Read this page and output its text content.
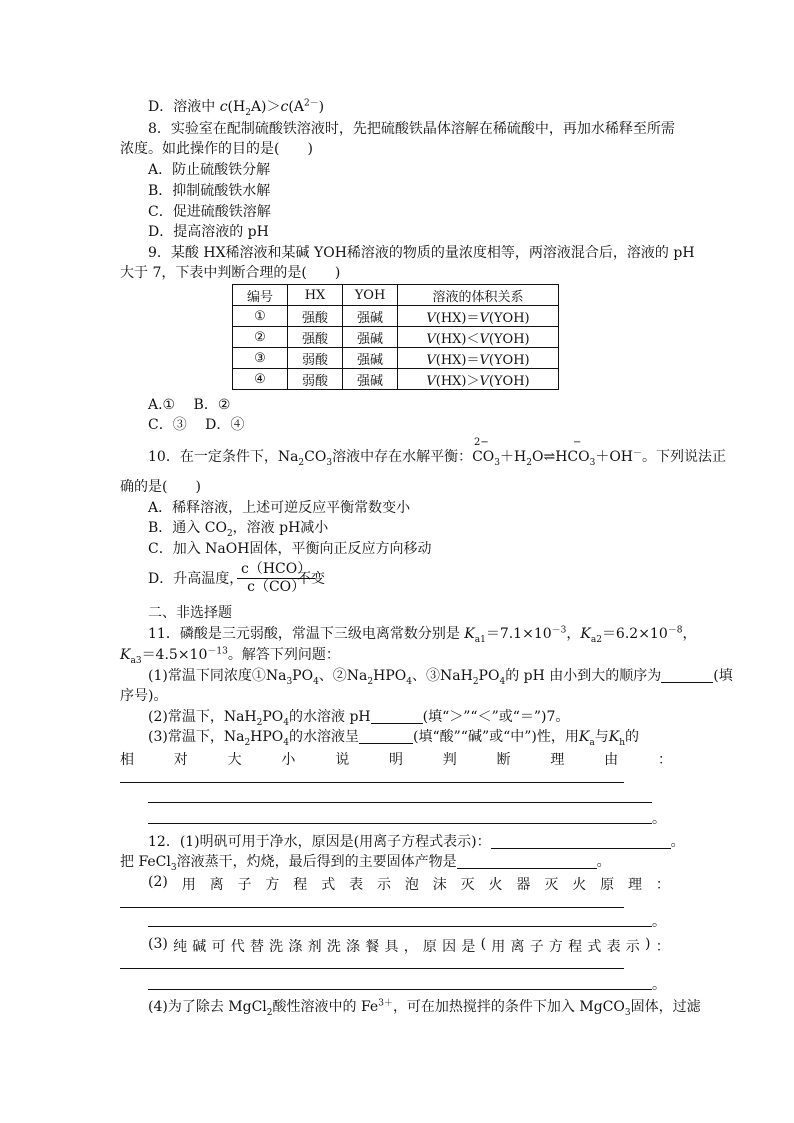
D．溶液中 $c(H_2A)>c(A^{2-})$
8．实验室在配制硫酸铁溶液时，先把硫酸铁晶体溶解在稀硫酸中，再加水稀释至所需
浓度。如此操作的目的是(　　)
A．防止硫酸铁分解
B．抑制硫酸铁水解
C．促进硫酸铁溶解
D．提高溶液的 pH
9．某酸 HX稀溶液和某碱 YOH稀溶液的物质的量浓度相等，两溶液混合后，溶液的 pH
大于 7，下表中判断合理的是(　　)
编号	HX	YOH	溶液的体积关系
①	强酸	强碱	V(HX)＝V(YOH)
②	强酸	强碱	V(HX)＜V(YOH)
③	弱酸	强碱	V(HX)＝V(YOH)
④	弱酸	强碱	V(HX)＞V(YOH)
A.①　 B．②
C．③　 D．④
2−	−
10．在一定条件下，$Na_2CO_3$溶液中存在水解平衡：$CO_3+H_2O\rightleftharpoons HCO_3+OH^-$。下列说法正
确的是(　　)
A．稀释溶液，上述可逆反应平衡常数变小
B．通入 $CO_2$，溶液 pH减小
C．加入 NaOH固体，平衡向正反应方向移动
D．升高温度，
c（HCO）
c（CO）
不变
二、非选择题
11．磷酸是三元弱酸，常温下三级电离常数分别是 $K_{a1}=7.1\times 10^{-3}$，$K_{a2}=6.2\times 10^{-8}$，
$K_{a3}=4.5\times 10^{-13}$。解答下列问题：
(1)常温下同浓度$①Na_3PO_4$、$②Na_2HPO_4$、$③NaH_2PO_4$的 pH 由小到大的顺序为	(填
序号)。
(2)常温下，$NaH_2PO_4$的水溶液 pH	(填“＞”“＜”或“＝”)7。
(3)常温下，$Na_2HPO_4$的水溶液呈	(填“酸”“碱”或“中”)性，用$K_a$与$K_h$的
相	对	大	小	说	明	判	断	理	由	：
。
12．(1)明矾可用于净水，原因是(用离子方程式表示)：	。
把 FeCl$_3$溶液蒸干，灼烧，最后得到的主要固体产物是	。
(2) 用 离 子 方 程 式 表 示 泡 沫 灭 火 器 灭 火 原 理 ：
。
(3) 纯 碱 可 代 替 洗 涤 剂 洗 涤 餐 具 ， 原 因 是 ( 用 离 子 方 程 式 表 示 ) ：
。
(4)为了除去 MgCl$_2$酸性溶液中的 $Fe^{3+}$，可在加热搅拌的条件下加入 MgCO$_3$固体，过滤
